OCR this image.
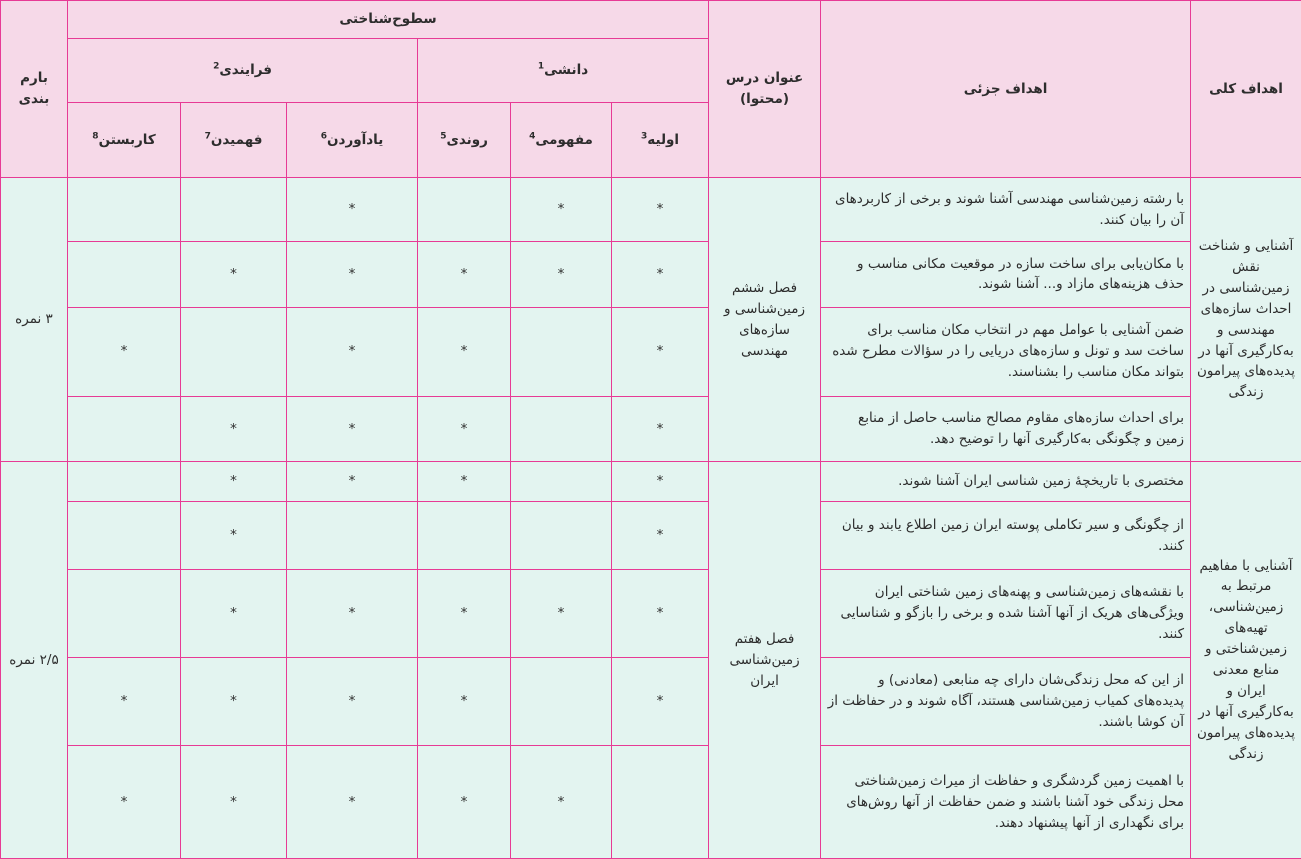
اهداف کلی	اهداف جزئی	عنوان درس (محتوا)	سطوح‌شناختی						بارم بندی
			دانشی$^1$			فرایندی$^2$
			اولیه$^3$	مفهومی$^4$	روندی$^5$	یادآوردن$^6$	فهمیدن$^7$	کاربستن$^8$
آشنایی و شناخت نقش زمین‌شناسی در احداث سازه‌های مهندسی و به‌کارگیری آنها در پدیده‌های پیرامون زندگی	با رشته زمین‌شناسی مهندسی آشنا شوند و برخی از کاربردهای آن را بیان کنند.	فصل ششم زمین‌شناسی و سازه‌های مهندسی	*	*		*			۳ نمره
	با مکان‌یابی برای ساخت سازه در موقعیت مکانی مناسب و حذف هزینه‌های مازاد و... آشنا شوند.		*	*	*	*	*		
	ضمن آشنایی با عوامل مهم در انتخاب مکان مناسب برای ساخت سد و تونل و سازه‌های دریایی را در سؤالات مطرح شده بتواند مکان مناسب را بشناسند.		*		*	*		*	
	برای احداث سازه‌های مقاوم مصالح مناسب حاصل از منابع زمین و چگونگی به‌کارگیری آنها را توضیح دهد.		*		*	*	*		
آشنایی با مفاهیم مرتبط به زمین‌شناسی، تهیه‌های زمین‌شناختی و منابع معدنی ایران و به‌کارگیری آنها در پدیده‌های پیرامون زندگی	مختصری با تاریخچهٔ زمین شناسی ایران آشنا شوند.	فصل هفتم زمین‌شناسی ایران	*		*	*	*		۲/۵ نمره
	از چگونگی و سیر تکاملی پوسته ایران زمین اطلاع یابند و بیان کنند.		*				*		
	با نقشه‌های زمین‌شناسی و پهنه‌های زمین شناختی ایران ویژگی‌های هریک از آنها آشنا شده و برخی را بازگو و شناسایی کنند.		*	*	*	*	*		
	از این که محل زندگی‌شان دارای چه منابعی (معادنی) و پدیده‌های کمیاب زمین‌شناسی هستند، آگاه شوند و در حفاظت از آن کوشا باشند.		*		*	*	*	*	
	با اهمیت زمین گردشگری و حفاظت از میراث زمین‌شناختی محل زندگی خود آشنا باشند و ضمن حفاظت از آنها روش‌های برای نگهداری از آنها پیشنهاد دهند.			*	*	*	*	*	
